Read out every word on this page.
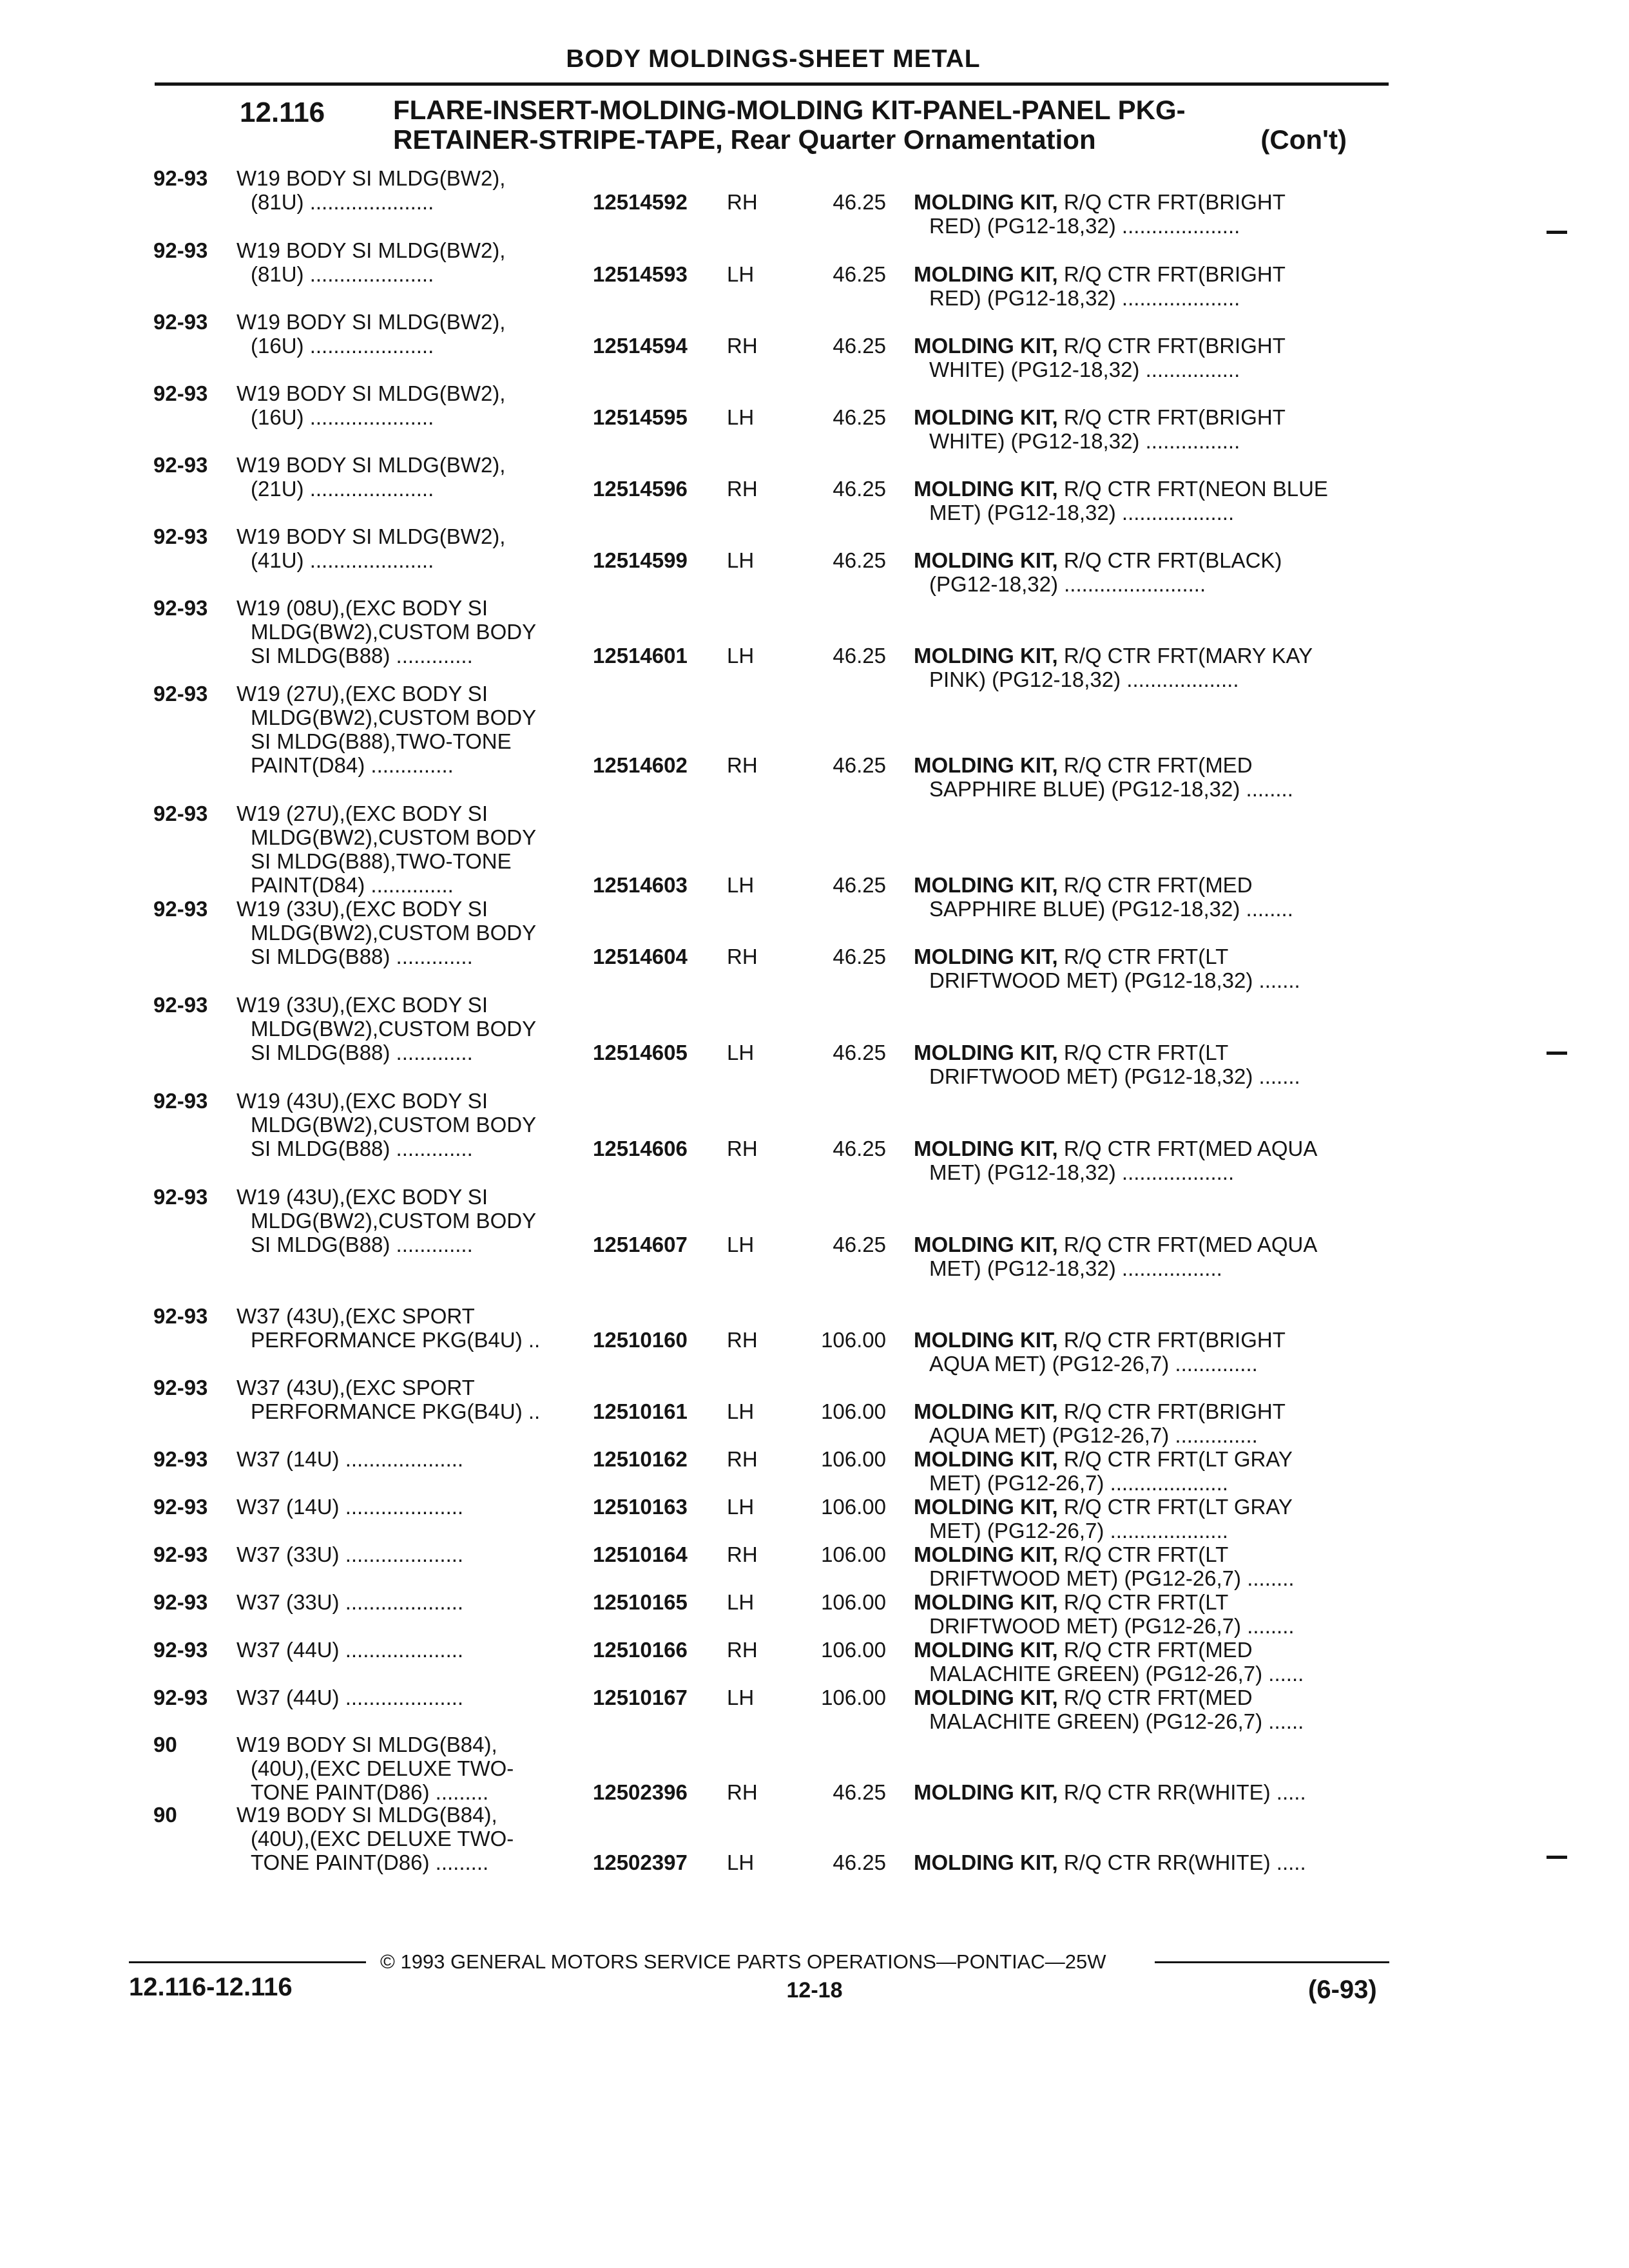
BODY MOLDINGS-SHEET METAL
12.116	FLARE-INSERT-MOLDING-MOLDING KIT-PANEL-PANEL PKG-
RETAINER-STRIPE-TAPE, Rear Quarter Ornamentation	(Con't)
92-93 W19 BODY SI MLDG(BW2),
(81U) .....................	12514592 RH	46.25 MOLDING KIT, R/Q CTR FRT(BRIGHT
RED) (PG12-18,32) ....................
92-93 W19 BODY SI MLDG(BW2),
(81U) .....................	12514593 LH	46.25 MOLDING KIT, R/Q CTR FRT(BRIGHT
RED) (PG12-18,32) ....................
92-93 W19 BODY SI MLDG(BW2),
(16U) .....................	12514594 RH	46.25 MOLDING KIT, R/Q CTR FRT(BRIGHT
WHITE) (PG12-18,32) ................
92-93 W19 BODY SI MLDG(BW2),
(16U) .....................	12514595 LH	46.25 MOLDING KIT, R/Q CTR FRT(BRIGHT
WHITE) (PG12-18,32) ................
92-93 W19 BODY SI MLDG(BW2),
(21U) .....................	12514596 RH	46.25 MOLDING KIT, R/Q CTR FRT(NEON BLUE
MET) (PG12-18,32) ...................
92-93 W19 BODY SI MLDG(BW2),
(41U) .....................	12514599 LH	46.25 MOLDING KIT, R/Q CTR FRT(BLACK)
(PG12-18,32) ........................
92-93 W19 (08U),(EXC BODY SI
MLDG(BW2),CUSTOM BODY
SI MLDG(B88) .............	12514601 LH	46.25 MOLDING KIT, R/Q CTR FRT(MARY KAY
PINK) (PG12-18,32) ...................
92-93 W19 (27U),(EXC BODY SI
MLDG(BW2),CUSTOM BODY
SI MLDG(B88),TWO-TONE
PAINT(D84) ..............	12514602 RH	46.25 MOLDING KIT, R/Q CTR FRT(MED
SAPPHIRE BLUE) (PG12-18,32) ........
92-93 W19 (27U),(EXC BODY SI
MLDG(BW2),CUSTOM BODY
SI MLDG(B88),TWO-TONE
PAINT(D84) ..............	12514603 LH	46.25 MOLDING KIT, R/Q CTR FRT(MED
SAPPHIRE BLUE) (PG12-18,32) ........
92-93 W19 (33U),(EXC BODY SI
MLDG(BW2),CUSTOM BODY
SI MLDG(B88) .............	12514604 RH	46.25 MOLDING KIT, R/Q CTR FRT(LT
DRIFTWOOD MET) (PG12-18,32) .......
92-93 W19 (33U),(EXC BODY SI
MLDG(BW2),CUSTOM BODY
SI MLDG(B88) .............	12514605 LH	46.25 MOLDING KIT, R/Q CTR FRT(LT
DRIFTWOOD MET) (PG12-18,32) .......
92-93 W19 (43U),(EXC BODY SI
MLDG(BW2),CUSTOM BODY
SI MLDG(B88) .............	12514606 RH	46.25 MOLDING KIT, R/Q CTR FRT(MED AQUA
MET) (PG12-18,32) ...................
92-93 W19 (43U),(EXC BODY SI
MLDG(BW2),CUSTOM BODY
SI MLDG(B88) .............	12514607 LH	46.25 MOLDING KIT, R/Q CTR FRT(MED AQUA
MET) (PG12-18,32) .................
92-93 W37 (43U),(EXC SPORT
PERFORMANCE PKG(B4U) ..	12510160 RH	106.00 MOLDING KIT, R/Q CTR FRT(BRIGHT
AQUA MET) (PG12-26,7) ..............
92-93 W37 (43U),(EXC SPORT
PERFORMANCE PKG(B4U) ..	12510161 LH	106.00 MOLDING KIT, R/Q CTR FRT(BRIGHT
AQUA MET) (PG12-26,7) ..............
92-93 W37 (14U) ....................	12510162 RH	106.00 MOLDING KIT, R/Q CTR FRT(LT GRAY
MET) (PG12-26,7) ....................
92-93 W37 (14U) ....................	12510163 LH	106.00 MOLDING KIT, R/Q CTR FRT(LT GRAY
MET) (PG12-26,7) ....................
92-93 W37 (33U) ....................	12510164 RH	106.00 MOLDING KIT, R/Q CTR FRT(LT
DRIFTWOOD MET) (PG12-26,7) ........
92-93 W37 (33U) ....................	12510165 LH	106.00 MOLDING KIT, R/Q CTR FRT(LT
DRIFTWOOD MET) (PG12-26,7) ........
92-93 W37 (44U) ....................	12510166 RH	106.00 MOLDING KIT, R/Q CTR FRT(MED
MALACHITE GREEN) (PG12-26,7) ......
92-93 W37 (44U) ....................	12510167 LH	106.00 MOLDING KIT, R/Q CTR FRT(MED
MALACHITE GREEN) (PG12-26,7) ......
90	W19 BODY SI MLDG(B84),
(40U),(EXC DELUXE TWO-
TONE PAINT(D86) .........	12502396 RH	46.25 MOLDING KIT, R/Q CTR RR(WHITE) .....
90	W19 BODY SI MLDG(B84),
(40U),(EXC DELUXE TWO-
TONE PAINT(D86) .........	12502397 LH	46.25 MOLDING KIT, R/Q CTR RR(WHITE) .....
© 1993 GENERAL MOTORS SERVICE PARTS OPERATIONS—PONTIAC—25W
12.116-12.116	12-18	(6-93)
